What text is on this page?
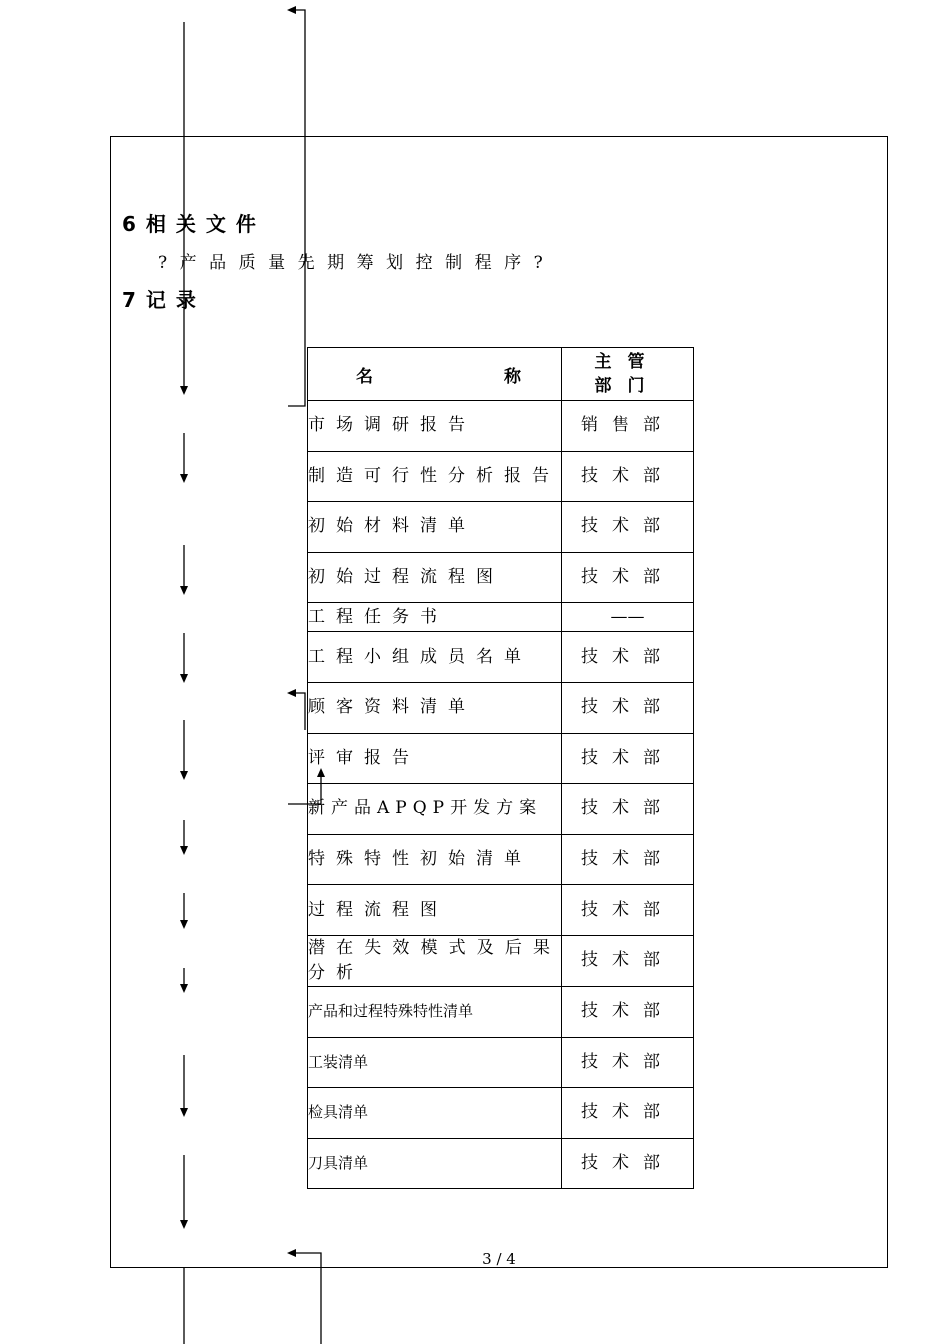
6相关文件
?产品质量先期筹划控制程序?
7记录
名称	主管
部门

市场调研报告	销售部
制造可行性分析报告	技术部
初始材料清单	技术部
初始过程流程图	技术部
工程任务书	——
工程小组成员名单	技术部
顾客资料清单	技术部
评审报告	技术部
新产品APQP开发方案	技术部
特殊特性初始清单	技术部
过程流程图	技术部
潜在失效模式及后果分析	技术部
产品和过程特殊特性清单	技术部
工装清单	技术部
检具清单	技术部
刀具清单	技术部
3 / 4
